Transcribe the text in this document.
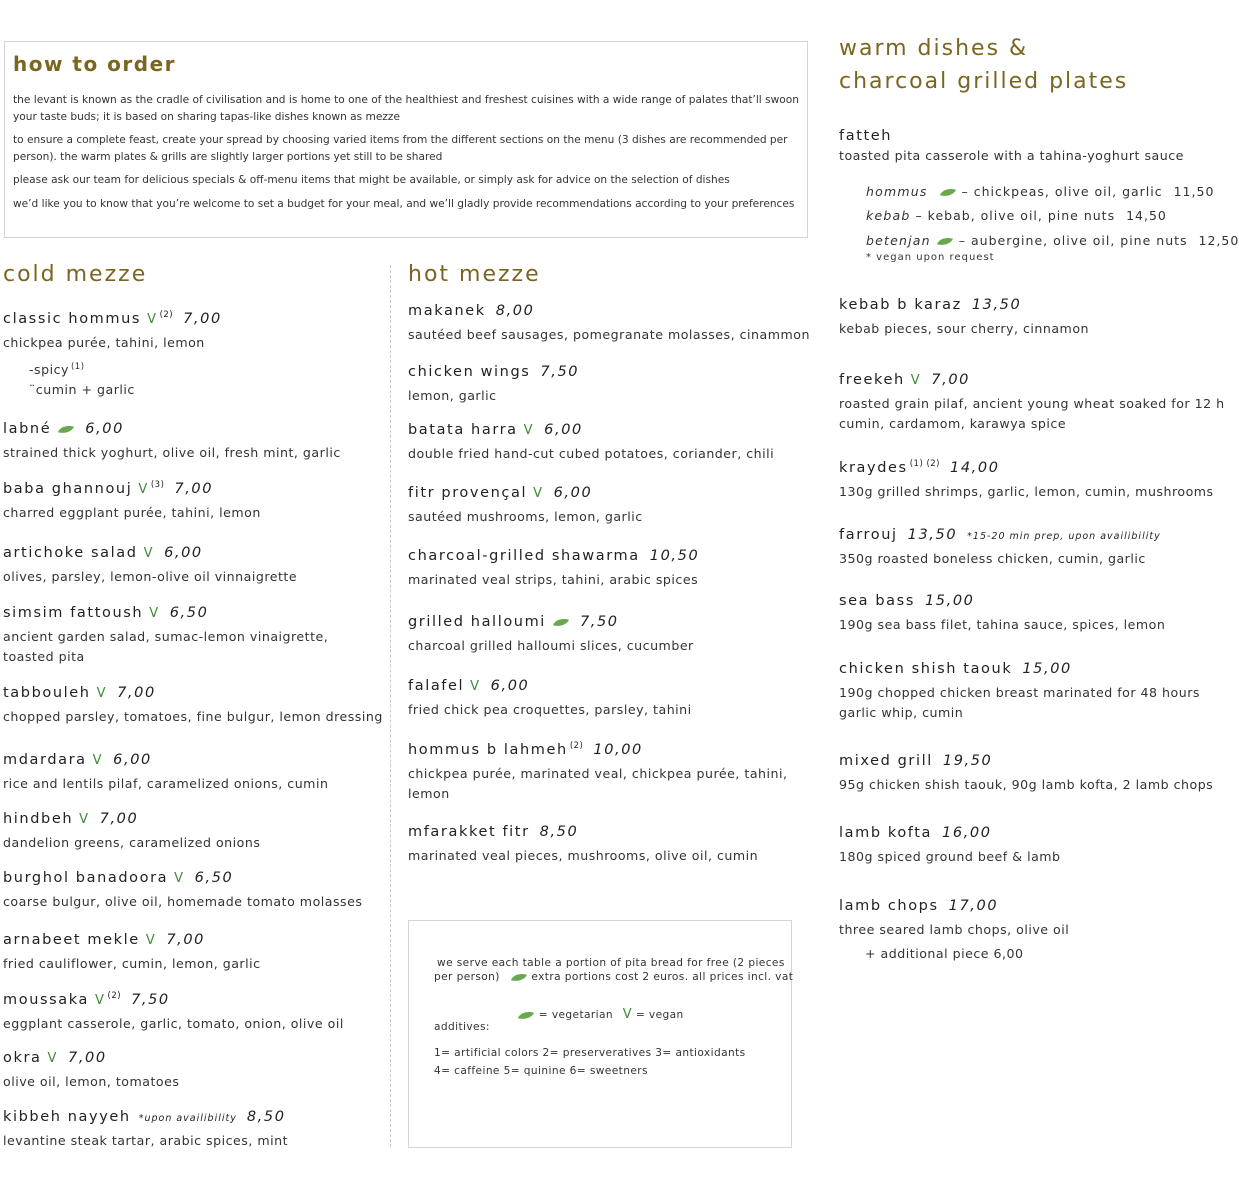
how to order

the levant is known as the cradle of civilisation and is home to one of the healthiest and freshest cuisines with a wide range of palates that’ll swoon your taste buds; it is based on sharing tapas-like dishes known as mezze

to ensure a complete feast, create your spread by choosing varied items from the different sections on the menu (3 dishes are recommended per person). the warm plates & grills are slightly larger portions yet still to be shared

please ask our team for delicious specials & off-menu items that might be available, or simply ask for advice on the selection of dishes

we’d like you to know that you’re welcome to set a budget for your meal, and we’ll gladly provide recommendations according to your preferences

cold mezze
classic hommus V $^{(2)}$ 7,00
chickpea purée, tahini, lemon
-spicy $^{(1)}$
¨cumin + garlic
labné 6,00
strained thick yoghurt, olive oil, fresh mint, garlic
baba ghannouj V $^{(3)}$ 7,00
charred eggplant purée, tahini, lemon
artichoke salad V 6,00
olives, parsley, lemon-olive oil vinnaigrette
simsim fattoush V 6,50
ancient garden salad, sumac-lemon vinaigrette,
toasted pita
tabbouleh V 7,00
chopped parsley, tomatoes, fine bulgur, lemon dressing
mdardara V 6,00
rice and lentils pilaf, caramelized onions, cumin
hindbeh V 7,00
dandelion greens, caramelized onions
burghol banadoora V 6,50
coarse bulgur, olive oil, homemade tomato molasses
arnabeet mekle V 7,00
fried cauliflower, cumin, lemon, garlic
moussaka V $^{(2)}$ 7,50
eggplant casserole, garlic, tomato, onion, olive oil
okra V 7,00
olive oil, lemon, tomatoes
kibbeh nayyeh *upon availibility 8,50
levantine steak tartar, arabic spices, mint
hot mezze
makanek 8,00
sautéed beef sausages, pomegranate molasses, cinammon
chicken wings 7,50
lemon, garlic
batata harra V 6,00
double fried hand-cut cubed potatoes, coriander, chili
fitr provençal V 6,00
sautéed mushrooms, lemon, garlic
charcoal-grilled shawarma 10,50
marinated veal strips, tahini, arabic spices
grilled halloumi 7,50
charcoal grilled halloumi slices, cucumber
falafel V 6,00
fried chick pea croquettes, parsley, tahini
hommus b lahmeh $^{(2)}$ 10,00
chickpea purée, marinated veal, chickpea purée, tahini,
lemon
mfarakket fitr 8,50
marinated veal pieces, mushrooms, olive oil, cumin
we serve each table a portion of pita bread for free (2 pieces
per person)	extra portions cost 2 euros. all prices incl. vat
= vegetarian V = vegan
additives:
1= artificial colors 2= preserveratives 3= antioxidants
4= caffeine 5= quinine 6= sweetners
warm dishes &
charcoal grilled plates
fatteh
toasted pita casserole with a tahina-yoghurt sauce
hommus	– chickpeas, olive oil, garlic 11,50
kebab – kebab, olive oil, pine nuts 14,50
betenjan – aubergine, olive oil, pine nuts 12,50
* vegan upon request
kebab b karaz 13,50
kebab pieces, sour cherry, cinnamon
freekeh V 7,00
roasted grain pilaf, ancient young wheat soaked for 12 h
cumin, cardamom, karawya spice
kraydes $^{(1) (2)}$ 14,00
130g grilled shrimps, garlic, lemon, cumin, mushrooms
farrouj 13,50 *15-20 min prep, upon availibility
350g roasted boneless chicken, cumin, garlic
sea bass 15,00
190g sea bass filet, tahina sauce, spices, lemon
chicken shish taouk 15,00
190g chopped chicken breast marinated for 48 hours
garlic whip, cumin
mixed grill 19,50
95g chicken shish taouk, 90g lamb kofta, 2 lamb chops
lamb kofta 16,00
180g spiced ground beef & lamb
lamb chops 17,00
three seared lamb chops, olive oil
+ additional piece 6,00
